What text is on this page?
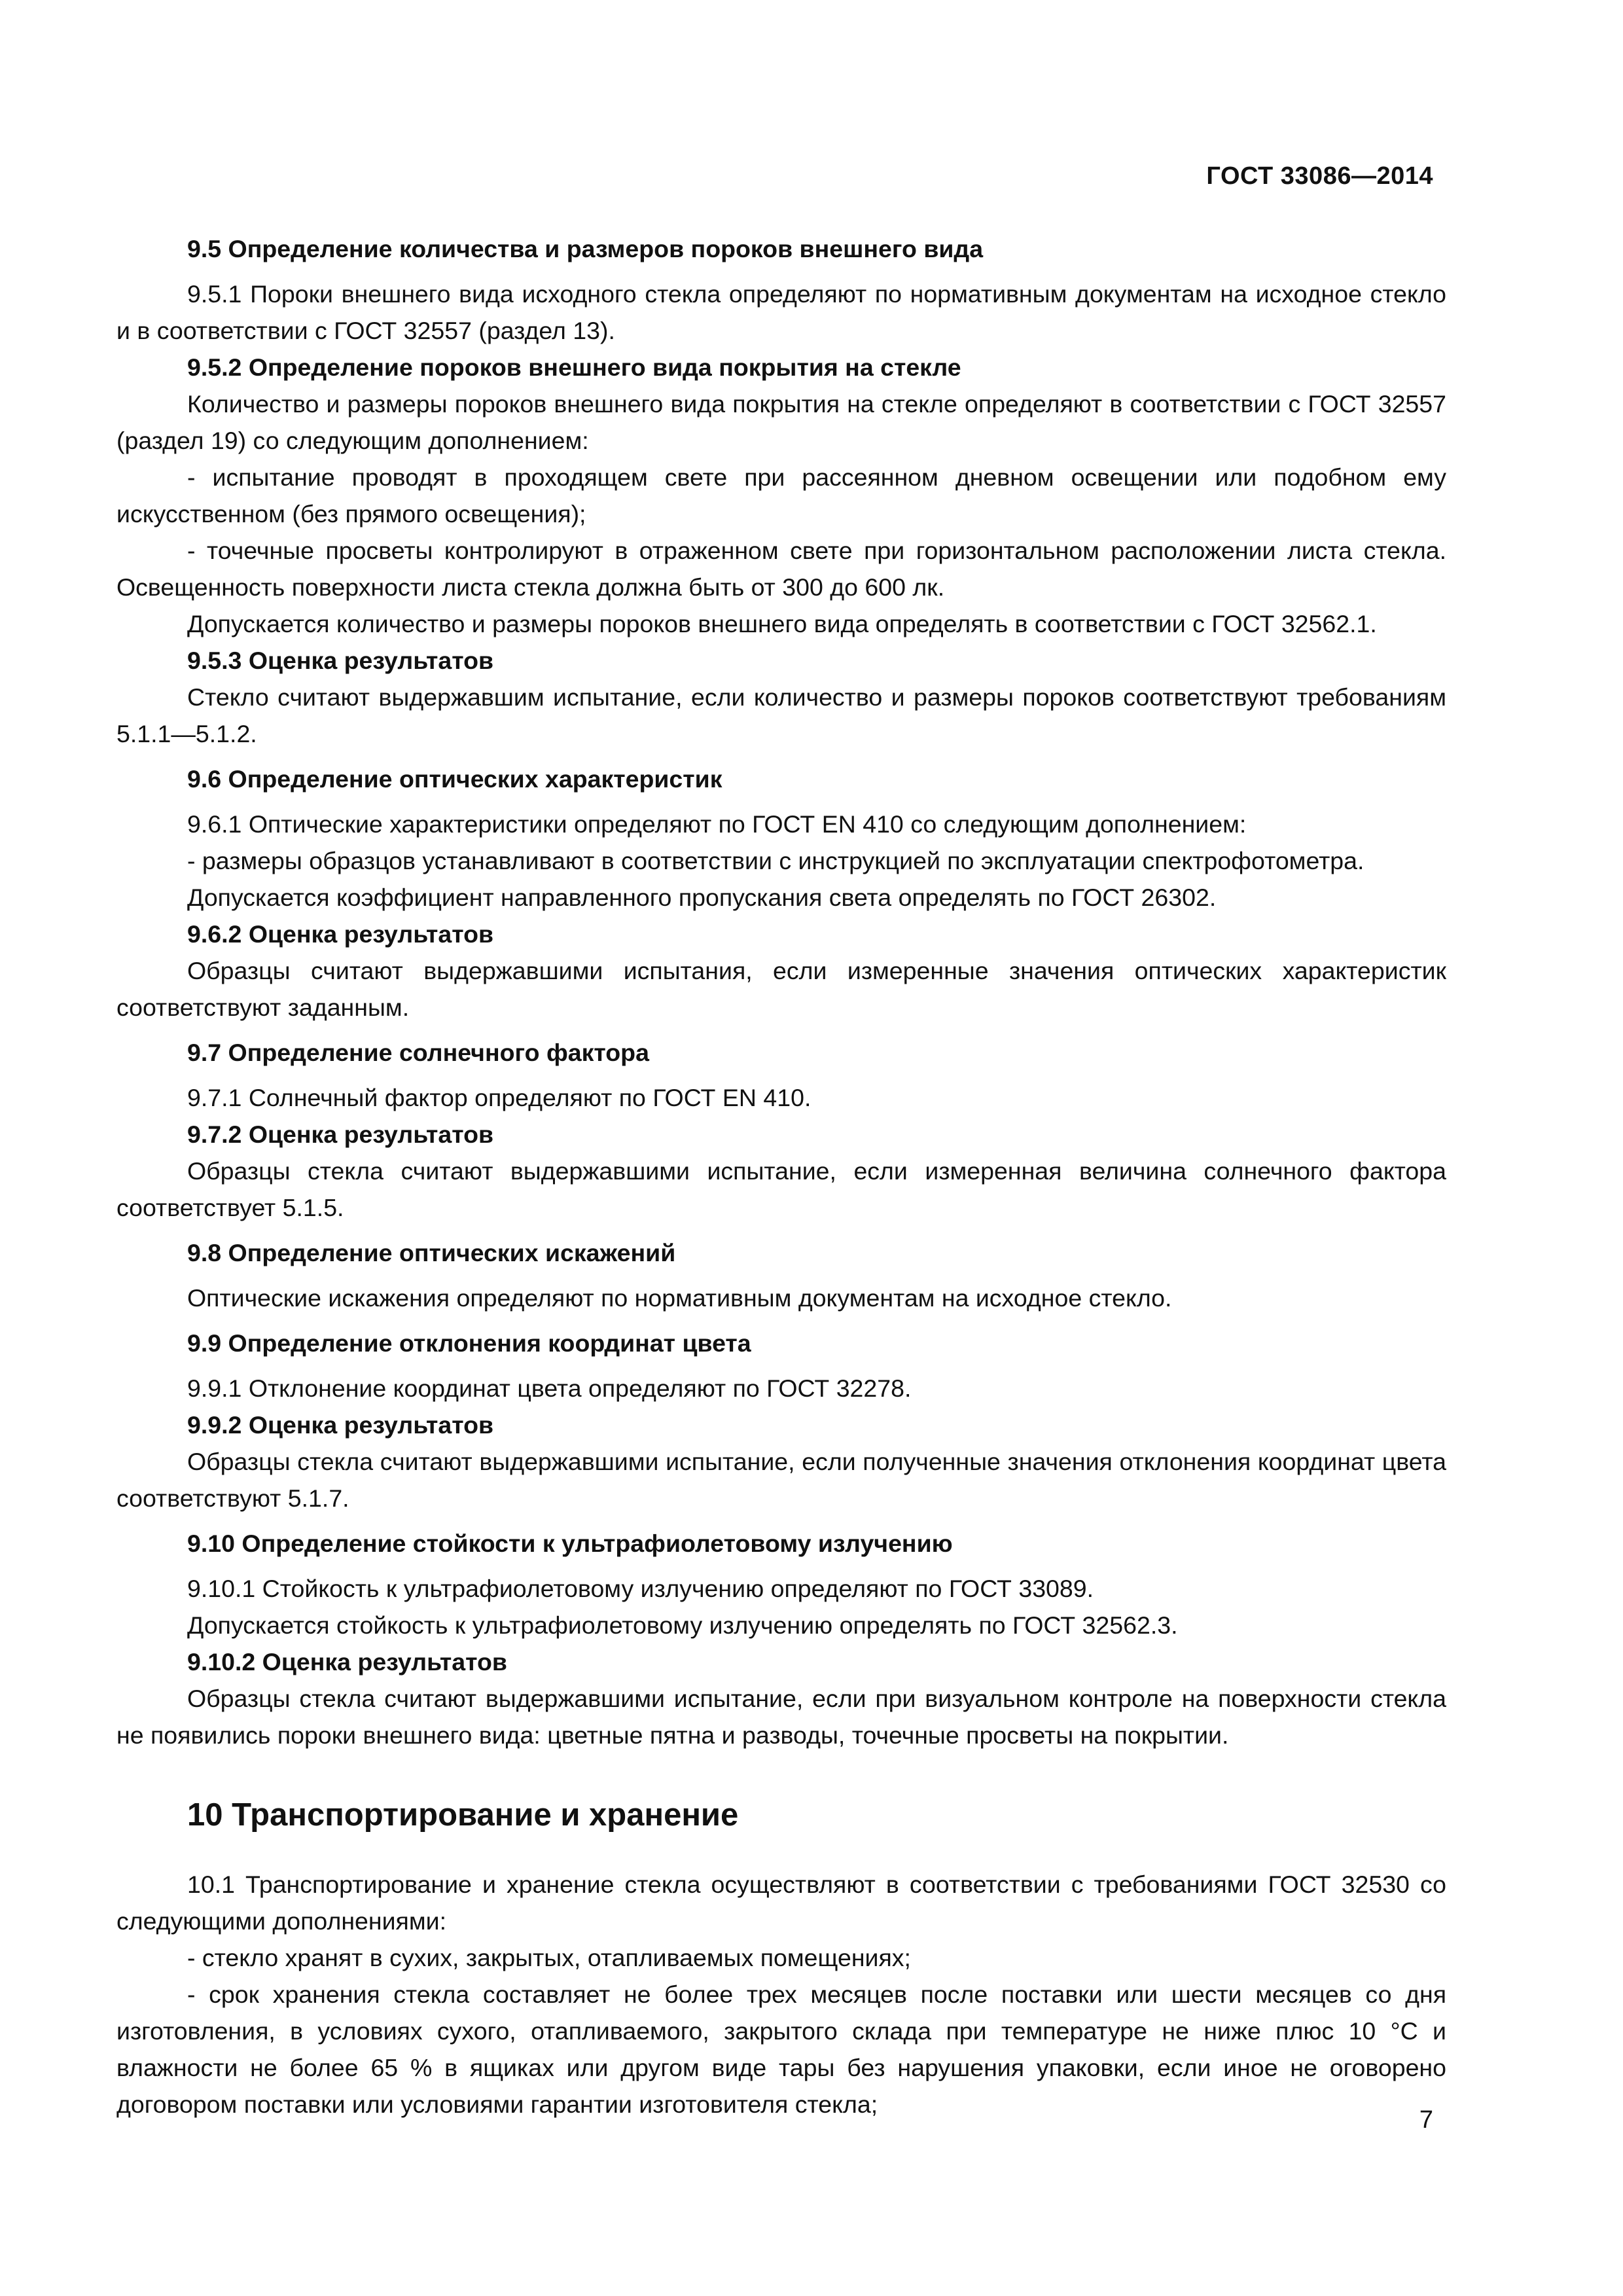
ГОСТ 33086—2014

9.5 Определение количества и размеров пороков внешнего вида

9.5.1 Пороки внешнего вида исходного стекла определяют по нормативным документам на исходное стекло и в соответствии с ГОСТ 32557 (раздел 13).

9.5.2 Определение пороков внешнего вида покрытия на стекле

Количество и размеры пороков внешнего вида покрытия на стекле определяют в соответствии с ГОСТ 32557 (раздел 19) со следующим дополнением:

- испытание проводят в проходящем свете при рассеянном дневном освещении или подобном ему искусственном (без прямого освещения);

- точечные просветы контролируют в отраженном свете при горизонтальном расположении листа стекла. Освещенность поверхности листа стекла должна быть от 300 до 600 лк.

Допускается количество и размеры пороков внешнего вида определять в соответствии с ГОСТ 32562.1.

9.5.3 Оценка результатов

Стекло считают выдержавшим испытание, если количество и размеры пороков соответствуют требованиям 5.1.1—5.1.2.

9.6 Определение оптических характеристик

9.6.1 Оптические характеристики определяют по ГОСТ EN 410 со следующим дополнением:

- размеры образцов устанавливают в соответствии с инструкцией по эксплуатации спектрофотометра.

Допускается коэффициент направленного пропускания света определять по ГОСТ 26302.

9.6.2 Оценка результатов

Образцы считают выдержавшими испытания, если измеренные значения оптических характеристик соответствуют заданным.

9.7 Определение солнечного фактора

9.7.1 Солнечный фактор определяют по ГОСТ EN 410.

9.7.2 Оценка результатов

Образцы стекла считают выдержавшими испытание, если измеренная величина солнечного фактора соответствует 5.1.5.

9.8 Определение оптических искажений

Оптические искажения определяют по нормативным документам на исходное стекло.

9.9 Определение отклонения координат цвета

9.9.1 Отклонение координат цвета определяют по ГОСТ 32278.

9.9.2 Оценка результатов

Образцы стекла считают выдержавшими испытание, если полученные значения отклонения координат цвета соответствуют 5.1.7.

9.10 Определение стойкости к ультрафиолетовому излучению

9.10.1 Стойкость к ультрафиолетовому излучению определяют по ГОСТ 33089.

Допускается стойкость к ультрафиолетовому излучению определять по ГОСТ 32562.3.

9.10.2 Оценка результатов

Образцы стекла считают выдержавшими испытание, если при визуальном контроле на поверхности стекла не появились пороки внешнего вида: цветные пятна и разводы, точечные просветы на покрытии.

10 Транспортирование и хранение

10.1 Транспортирование и хранение стекла осуществляют в соответствии с требованиями ГОСТ 32530 со следующими дополнениями:

- стекло хранят в сухих, закрытых, отапливаемых помещениях;

- срок хранения стекла составляет не более трех месяцев после поставки или шести месяцев со дня изготовления, в условиях сухого, отапливаемого, закрытого склада при температуре не ниже плюс 10 °С и влажности не более 65 % в ящиках или другом виде тары без нарушения упаковки, если иное не оговорено договором поставки или условиями гарантии изготовителя стекла;

7
